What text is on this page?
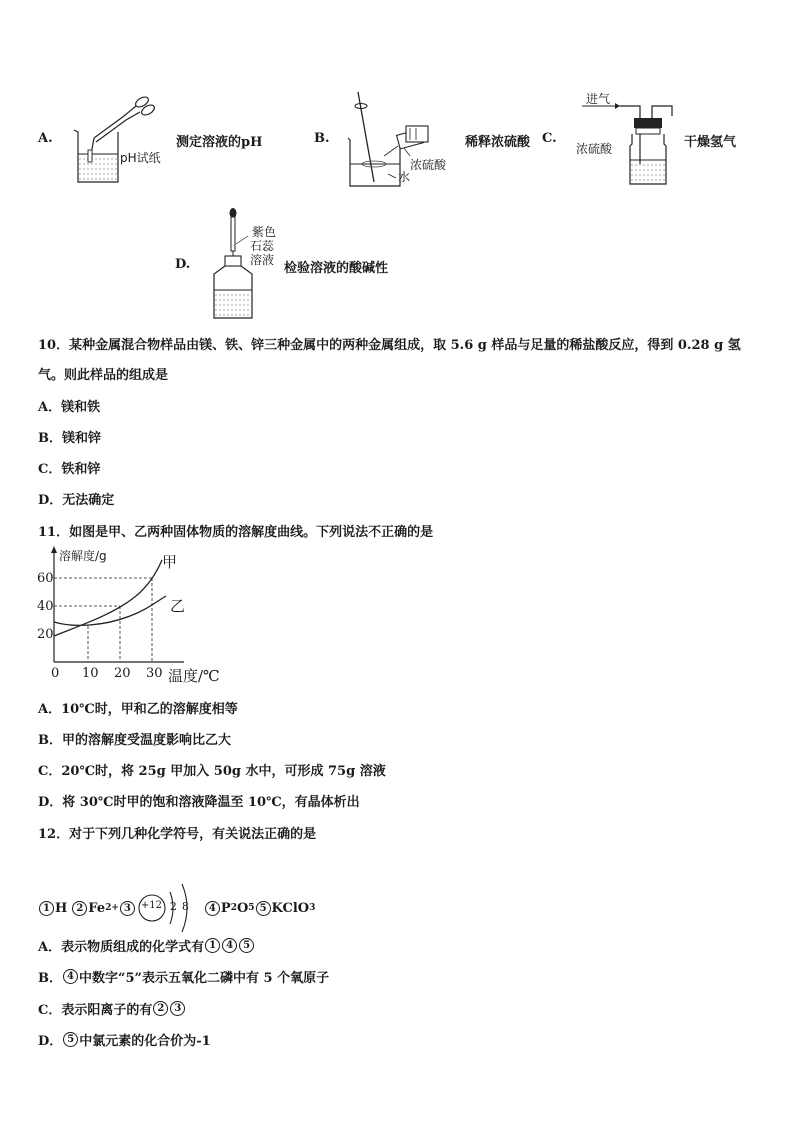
A.
pH试纸
测定溶液的pH	B.
浓硫酸
水
稀释浓硫酸 C.
进气
浓硫酸	干燥氢气
D.
紫色
石蕊
溶液
检验溶液的酸碱性
10．某种金属混合物样品由镁、铁、锌三种金属中的两种金属组成，取 5.6 g 样品与足量的稀盐酸反应，得到 0.28 g 氢
气。则此样品的组成是
A．镁和铁
B．镁和锌
C．铁和锌
D．无法确定
11．如图是甲、乙两种固体物质的溶解度曲线。下列说法不正确的是
溶解度/g
60
40
20
0 10 20 30 温度/℃
甲
乙
A．10℃时，甲和乙的溶解度相等
B．甲的溶解度受温度影响比乙大
C．20℃时，将 25g 甲加入 50g 水中，可形成 75g 溶液
D．将 30℃时甲的饱和溶液降温至 10℃，有晶体析出
12．对于下列几种化学符号，有关说法正确的是
1 H 2 Fe 2+ 3	+12 2 8	4 P 2 O 5 5 KClO 3
A．表示物质组成的化学式有 1	4	5
B． 4 中数字“5”表示五氧化二磷中有 5 个氧原子
C．表示阳离子的有 2	3
D． 5 中氯元素的化合价为-1
